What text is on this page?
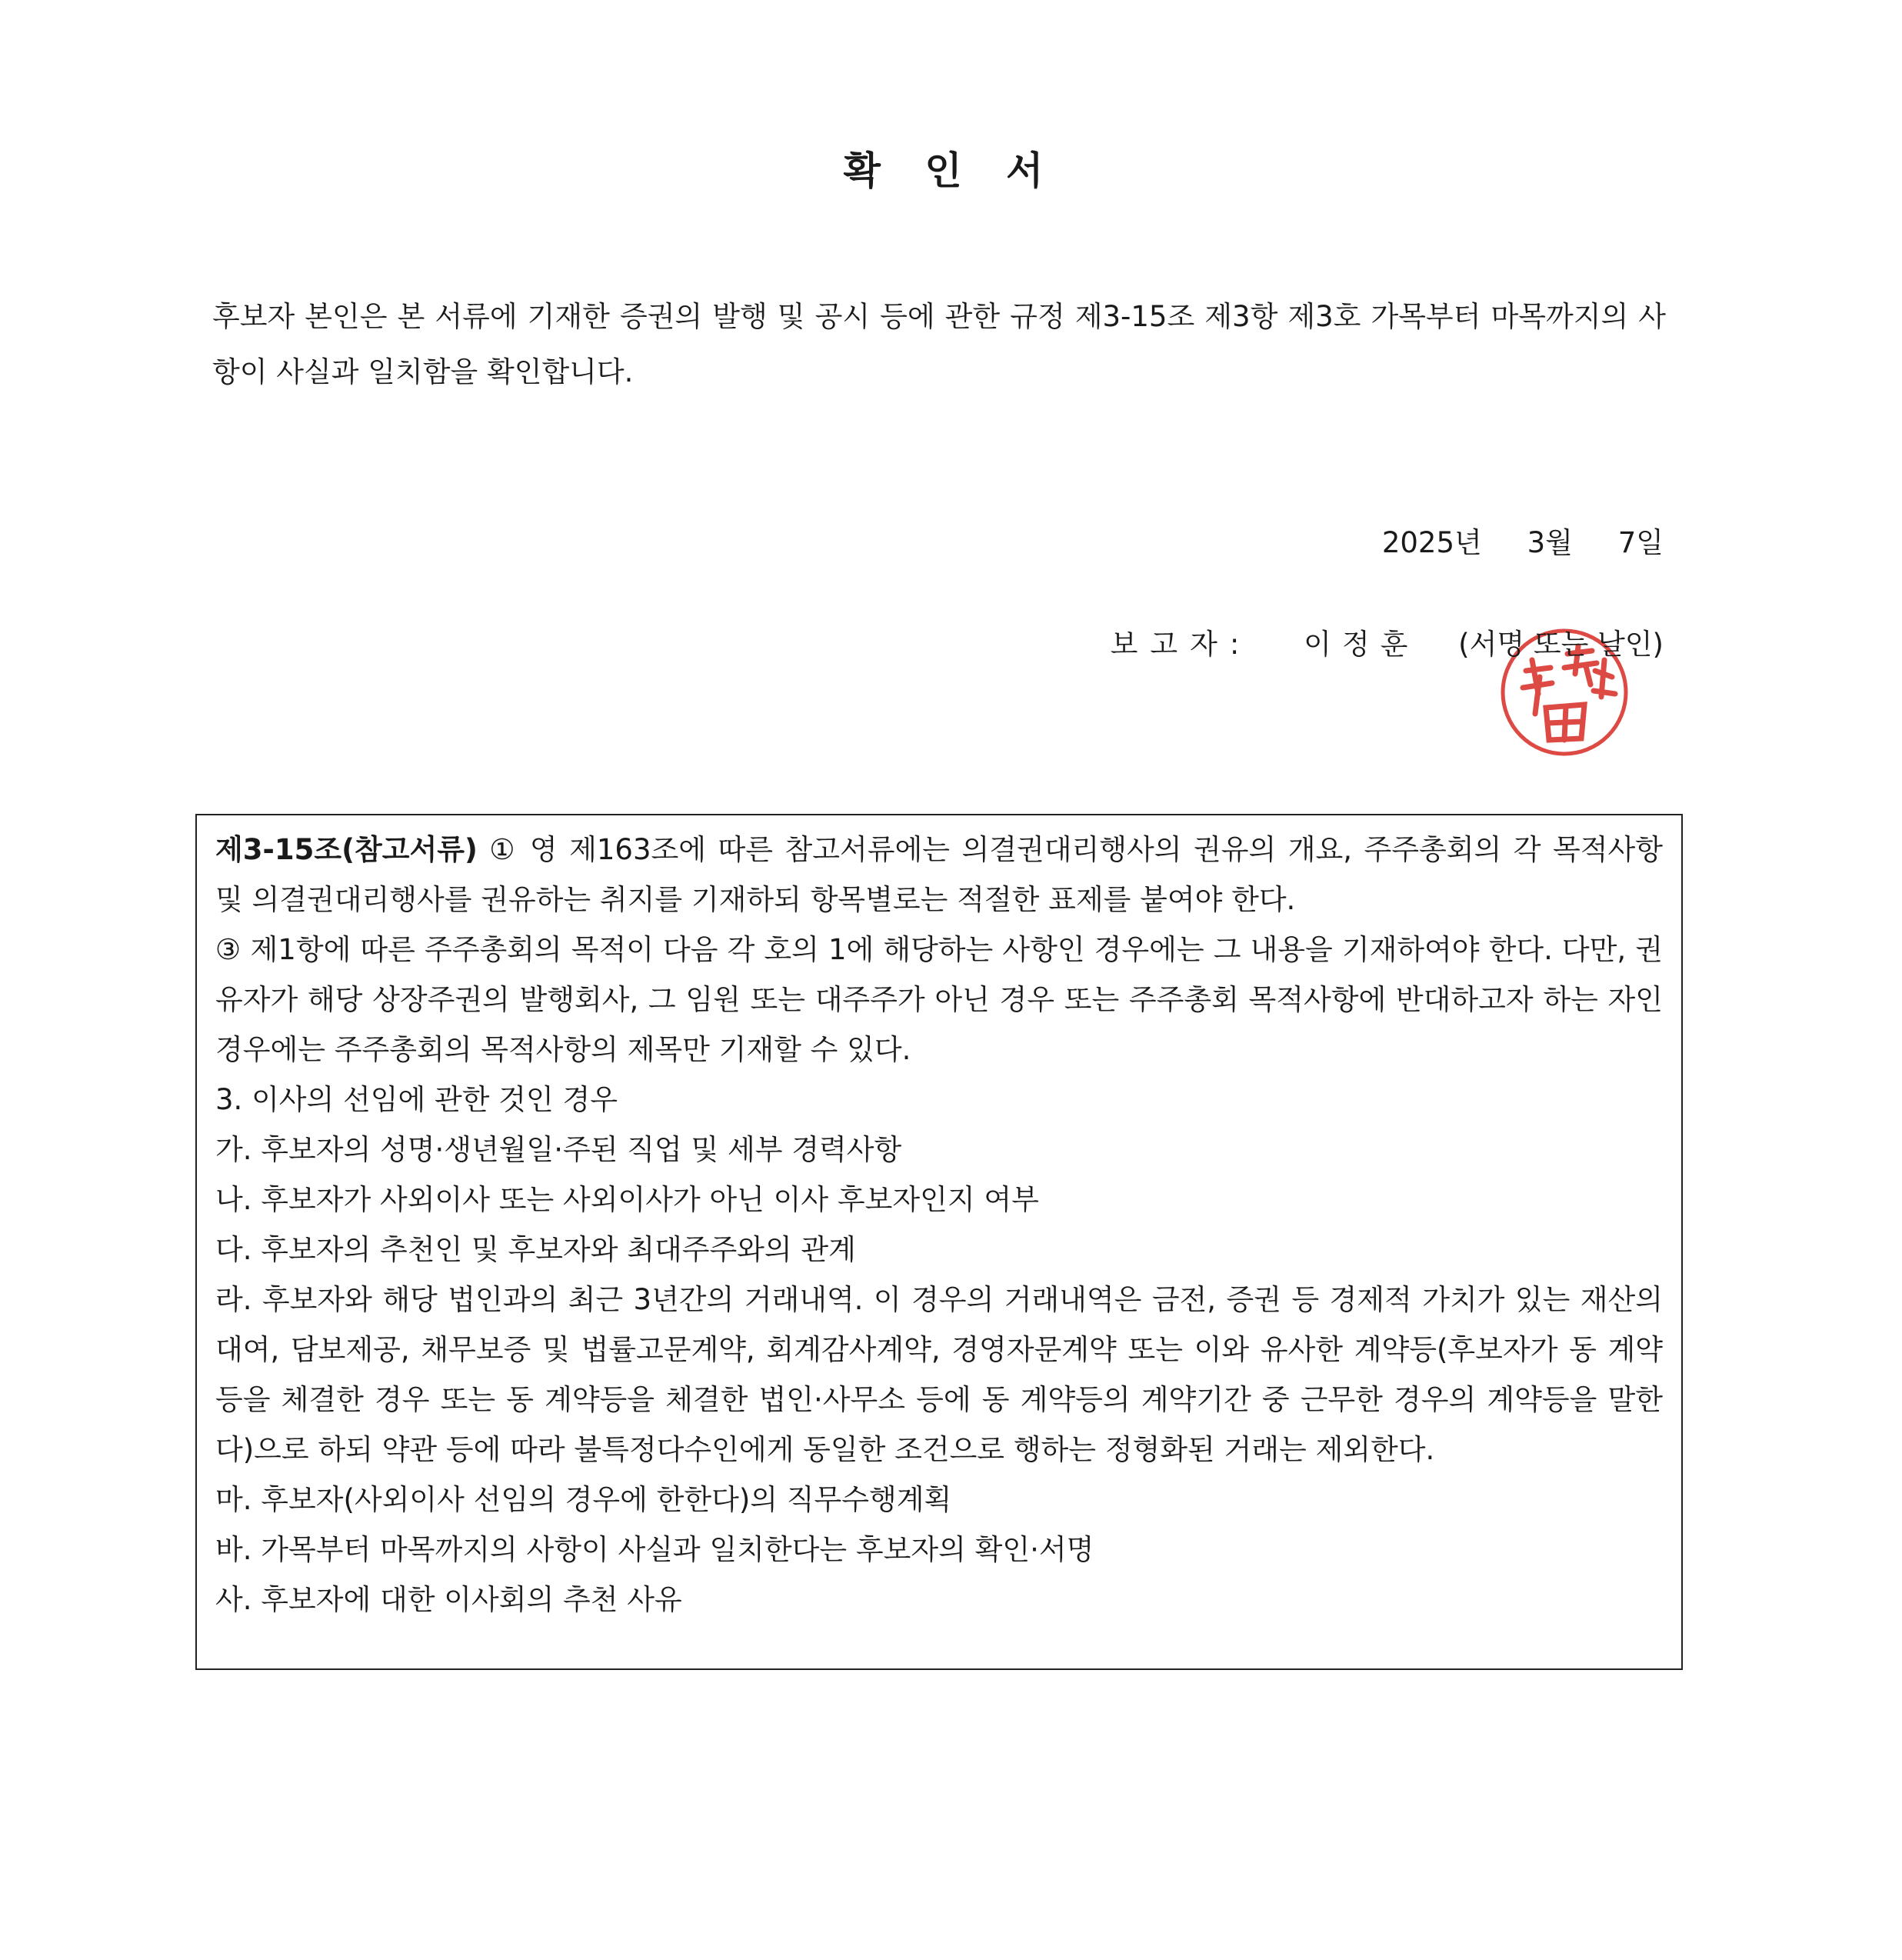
확 인 서
후보자 본인은 본 서류에 기재한 증권의 발행 및 공시 등에 관한 규정 제3-15조 제3항 제3호 가목부터 마목까지의 사항이 사실과 일치함을 확인합니다.
2025년 3월 7일
보고자: 이정훈 (서명 또는 날인)

제3-15조(참고서류) ① 영 제163조에 따른 참고서류에는 의결권대리행사의 권유의 개요, 주주총회의 각 목적사항 및 의결권대리행사를 권유하는 취지를 기재하되 항목별로는 적절한 표제를 붙여야 한다.

③ 제1항에 따른 주주총회의 목적이 다음 각 호의 1에 해당하는 사항인 경우에는 그 내용을 기재하여야 한다. 다만, 권유자가 해당 상장주권의 발행회사, 그 임원 또는 대주주가 아닌 경우 또는 주주총회 목적사항에 반대하고자 하는 자인 경우에는 주주총회의 목적사항의 제목만 기재할 수 있다.

3. 이사의 선임에 관한 것인 경우

가. 후보자의 성명·생년월일·주된 직업 및 세부 경력사항

나. 후보자가 사외이사 또는 사외이사가 아닌 이사 후보자인지 여부

다. 후보자의 추천인 및 후보자와 최대주주와의 관계

라. 후보자와 해당 법인과의 최근 3년간의 거래내역. 이 경우의 거래내역은 금전, 증권 등 경제적 가치가 있는 재산의 대여, 담보제공, 채무보증 및 법률고문계약, 회계감사계약, 경영자문계약 또는 이와 유사한 계약등(후보자가 동 계약등을 체결한 경우 또는 동 계약등을 체결한 법인·사무소 등에 동 계약등의 계약기간 중 근무한 경우의 계약등을 말한다)으로 하되 약관 등에 따라 불특정다수인에게 동일한 조건으로 행하는 정형화된 거래는 제외한다.

마. 후보자(사외이사 선임의 경우에 한한다)의 직무수행계획

바. 가목부터 마목까지의 사항이 사실과 일치한다는 후보자의 확인·서명

사. 후보자에 대한 이사회의 추천 사유
